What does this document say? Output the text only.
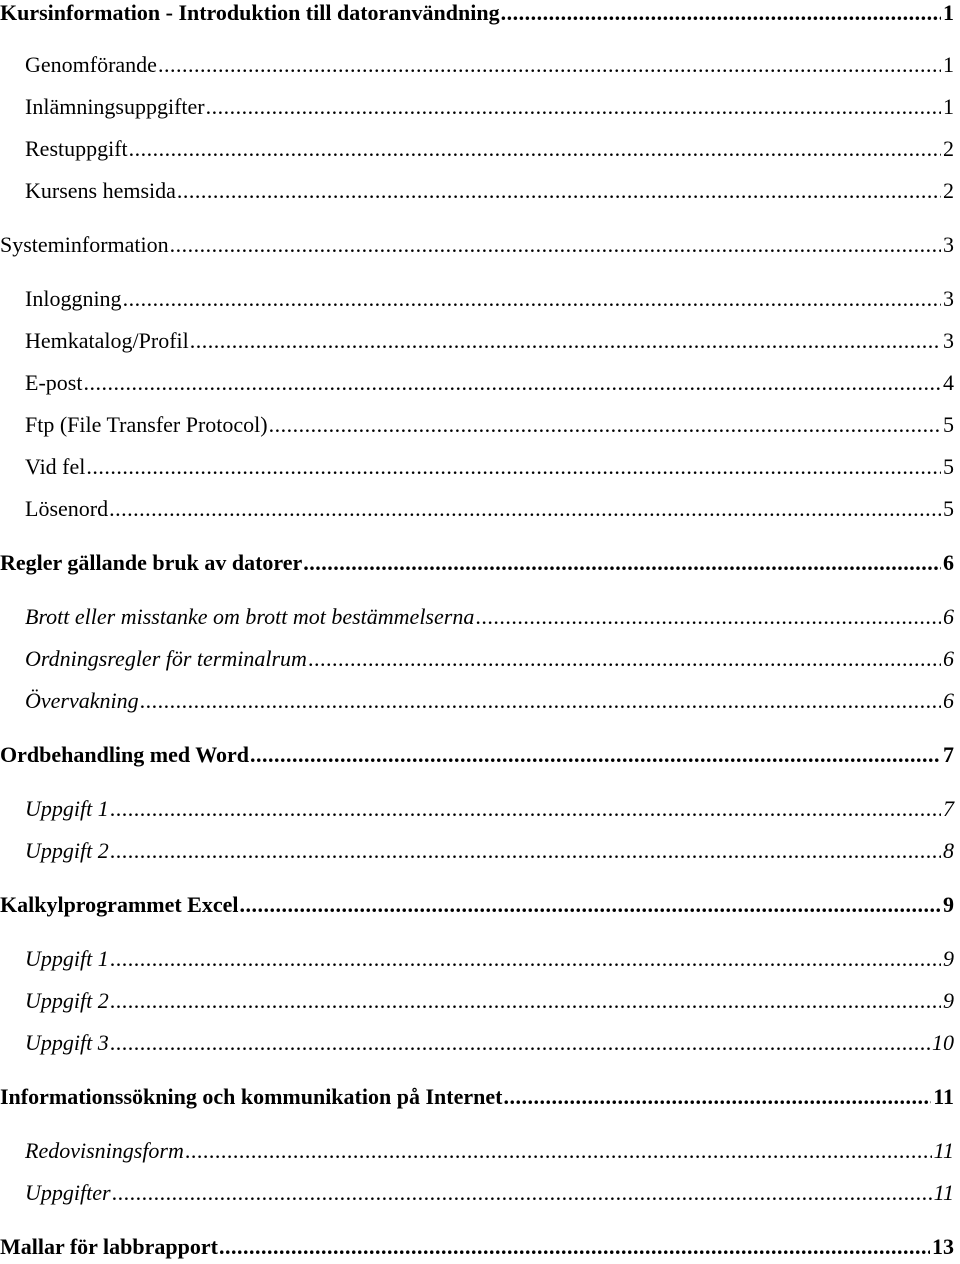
Kursinformation - Introduktion till datoranvändning .....	1
Genomförande .....	1
Inlämningsuppgifter .....	1
Restuppgift .....	2
Kursens hemsida .....	2
Systeminformation .....	3
Inloggning .....	3
Hemkatalog/Profil .....	3
E-post .....	4
Ftp (File Transfer Protocol) .....	5
Vid fel .....	5
Lösenord .....	5
Regler gällande bruk av datorer .....	6
Brott eller misstanke om brott mot bestämmelserna .....	6
Ordningsregler för terminalrum .....	6
Övervakning .....	6
Ordbehandling med Word .....	7
Uppgift 1 .....	7
Uppgift 2 .....	8
Kalkylprogrammet Excel .....	9
Uppgift 1 .....	9
Uppgift 2 .....	9
Uppgift 3 .....	10
Informationssökning och kommunikation på Internet .....	11
Redovisningsform .....	11
Uppgifter .....	11
Mallar för labbrapport .....	13
